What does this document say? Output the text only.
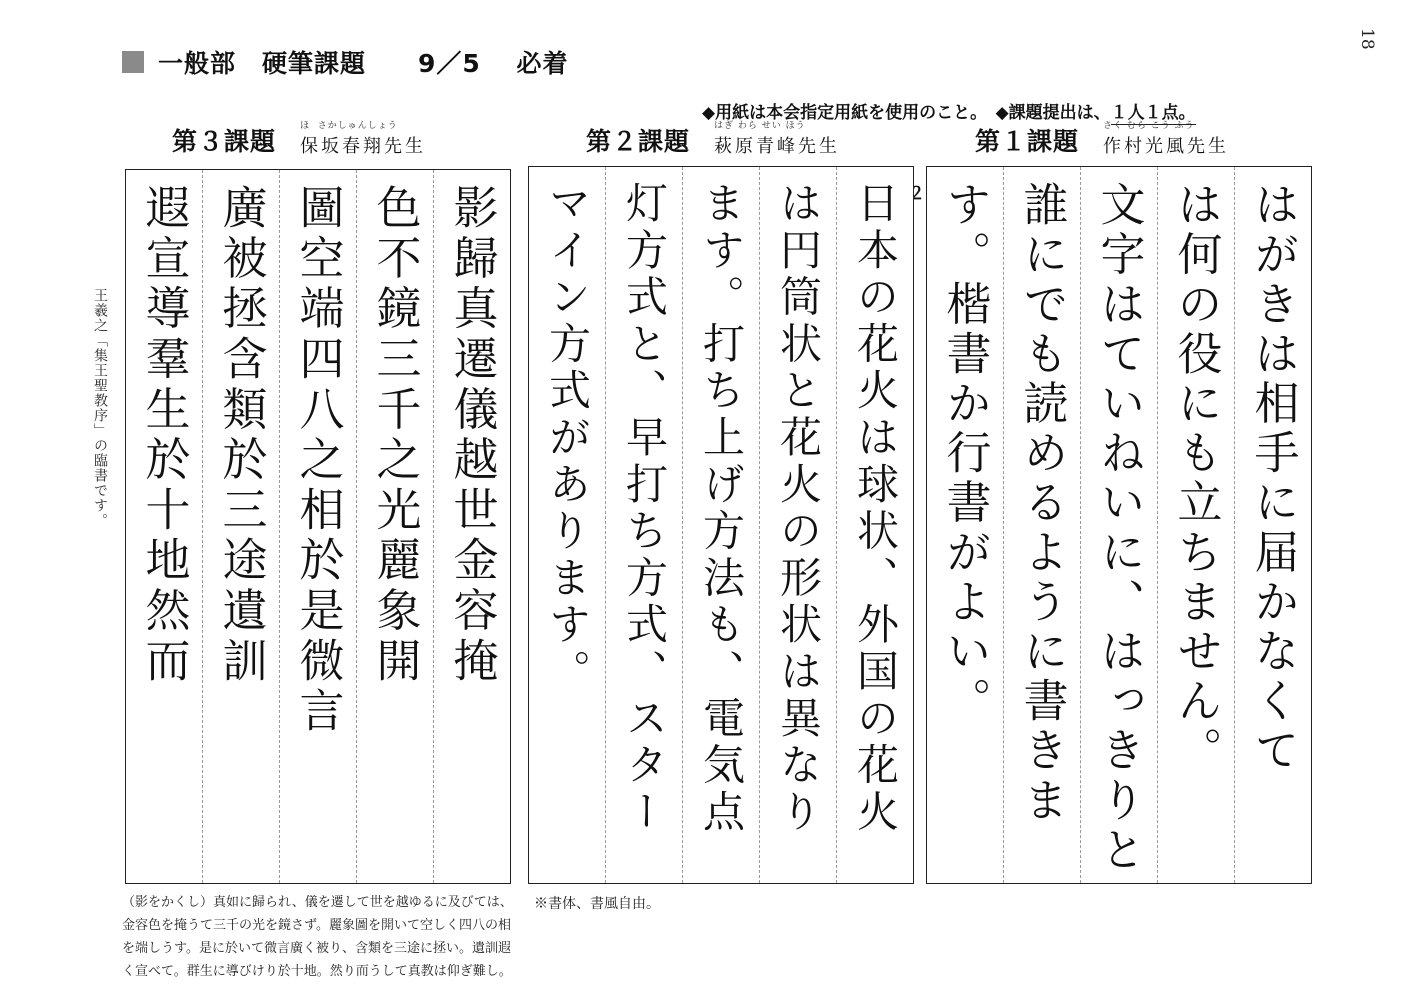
18
一般部　硬筆課題　　9／5　 必着

◆用紙は本会指定用紙を使用のこと。　◆課題提出は、１人１点。

第３課題
ほ  さかしゅんしょう
保坂春翔先生
影歸真遷儀越世金容掩
色不鏡三千之光麗象開
圖空端四八之相於是微言
廣被拯含類於三途遺訓
遐宣導羣生於十地然而
第２課題
はぎ わら せい ほう
萩原青峰先生
日本の花火は球状、外国の花火
は円筒状と花火の形状は異なり
ます。打ち上げ方法も、電気点
灯方式と、早打ち方式、スター
マイン方式があります。
第１課題
さく むら こう ふう
作村光風先生
はがきは相手に届かなくて
は何の役にも立ちません。
文字はていねいに、はっきりと
誰にでも読めるように書きま
す。楷書か行書がよい。
王羲之「集王聖教序」の臨書です。
（影をかくし）真如に歸られ、儀を遷して世を越ゆるに及びては、
金容色を掩うて三千の光を鏡さず。麗象圖を開いて空しく四八の相
を端しうす。是に於いて微言廣く被り、含類を三途に拯い。遺訓遐
く宣べて。群生に導びけり於十地。然り而うして真教は仰ぎ難し。
※書体、書風自由。
